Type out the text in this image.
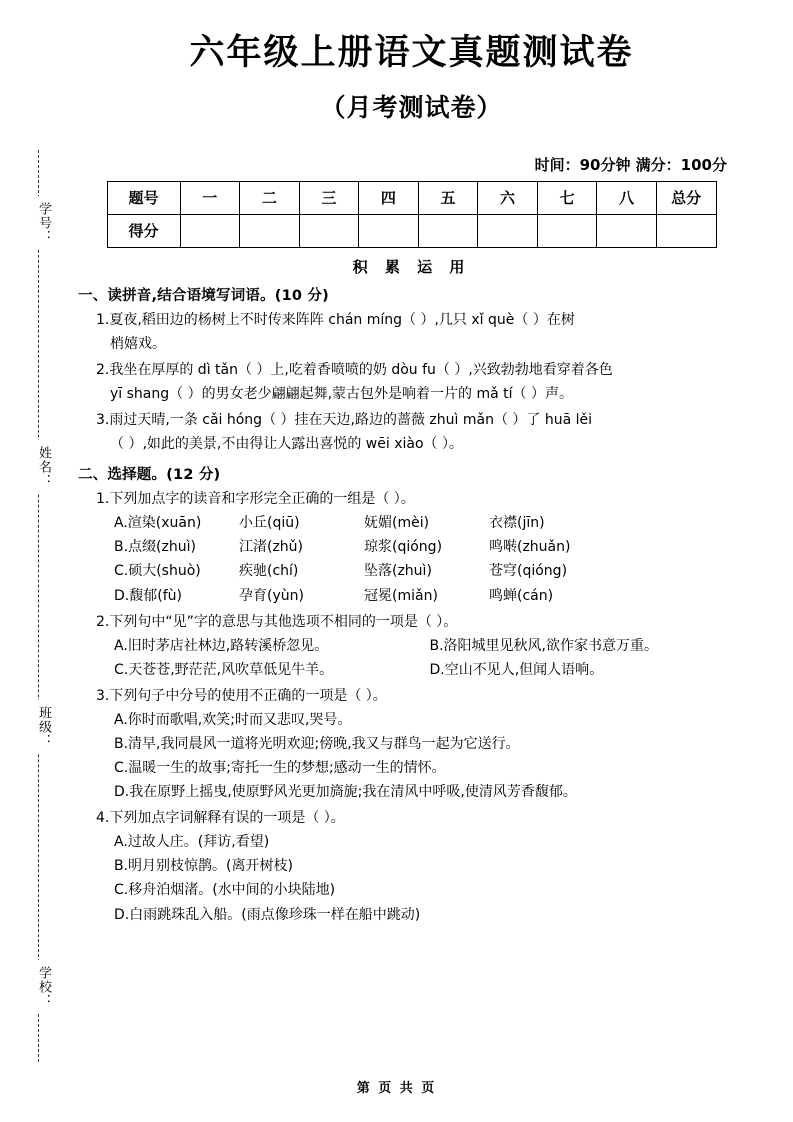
学号：
姓名：
班级：
学校：
六年级上册语文真题测试卷
（月考测试卷）
时间：90分钟 满分：100分
题号	一	二	三	四	五	六	七	八	总分
得分									
积 累 运 用
一、读拼音,结合语境写词语。(10 分)
1.夏夜,稻田边的杨树上不时传来阵阵 chán míng（ ）,几只 xǐ què（ ）在树
梢嬉戏。
2.我坐在厚厚的 dì tǎn（ ）上,吃着香喷喷的奶 dòu fu（ ）,兴致勃勃地看穿着各色
yī shang（ ）的男女老少翩翩起舞,蒙古包外是响着一片的 mǎ tí（ ）声。
3.雨过天晴,一条 cǎi hóng（ ）挂在天边,路边的蔷薇 zhuì mǎn（ ）了 huā lěi
（ ）,如此的美景,不由得让人露出喜悦的 wēi xiào（ ）。
二、选择题。(12 分)
1.下列加点字的读音和字形完全正确的一组是（ ）。
A.渲染(xuān)	小丘(qiū)	妩媚(mèi)	衣襟(jīn)
B.点缀(zhuì)	江渚(zhǔ)	琼浆(qióng)	鸣啭(zhuǎn)
C.硕大(shuò)	疾驰(chí)	坠落(zhuì)	苍穹(qióng)
D.馥郁(fù)	孕育(yùn)	冠冕(miǎn)	鸣蝉(cán)
2.下列句中“见”字的意思与其他选项不相同的一项是（ ）。
A.旧时茅店社林边,路转溪桥忽见。	B.洛阳城里见秋风,欲作家书意万重。
C.天苍苍,野茫茫,风吹草低见牛羊。	D.空山不见人,但闻人语响。
3.下列句子中分号的使用不正确的一项是（ ）。
A.你时而歌唱,欢笑;时而又悲叹,哭号。
B.清早,我同晨风一道将光明欢迎;傍晚,我又与群鸟一起为它送行。
C.温暖一生的故事;寄托一生的梦想;感动一生的情怀。
D.我在原野上摇曳,使原野风光更加旖旎;我在清风中呼吸,使清风芳香馥郁。
4.下列加点字词解释有误的一项是（ ）。
A.过故人庄。(拜访,看望)
B.明月别枝惊鹊。(离开树枝)
C.移舟泊烟渚。(水中间的小块陆地)
D.白雨跳珠乱入船。(雨点像珍珠一样在船中跳动)
第 页 共 页
